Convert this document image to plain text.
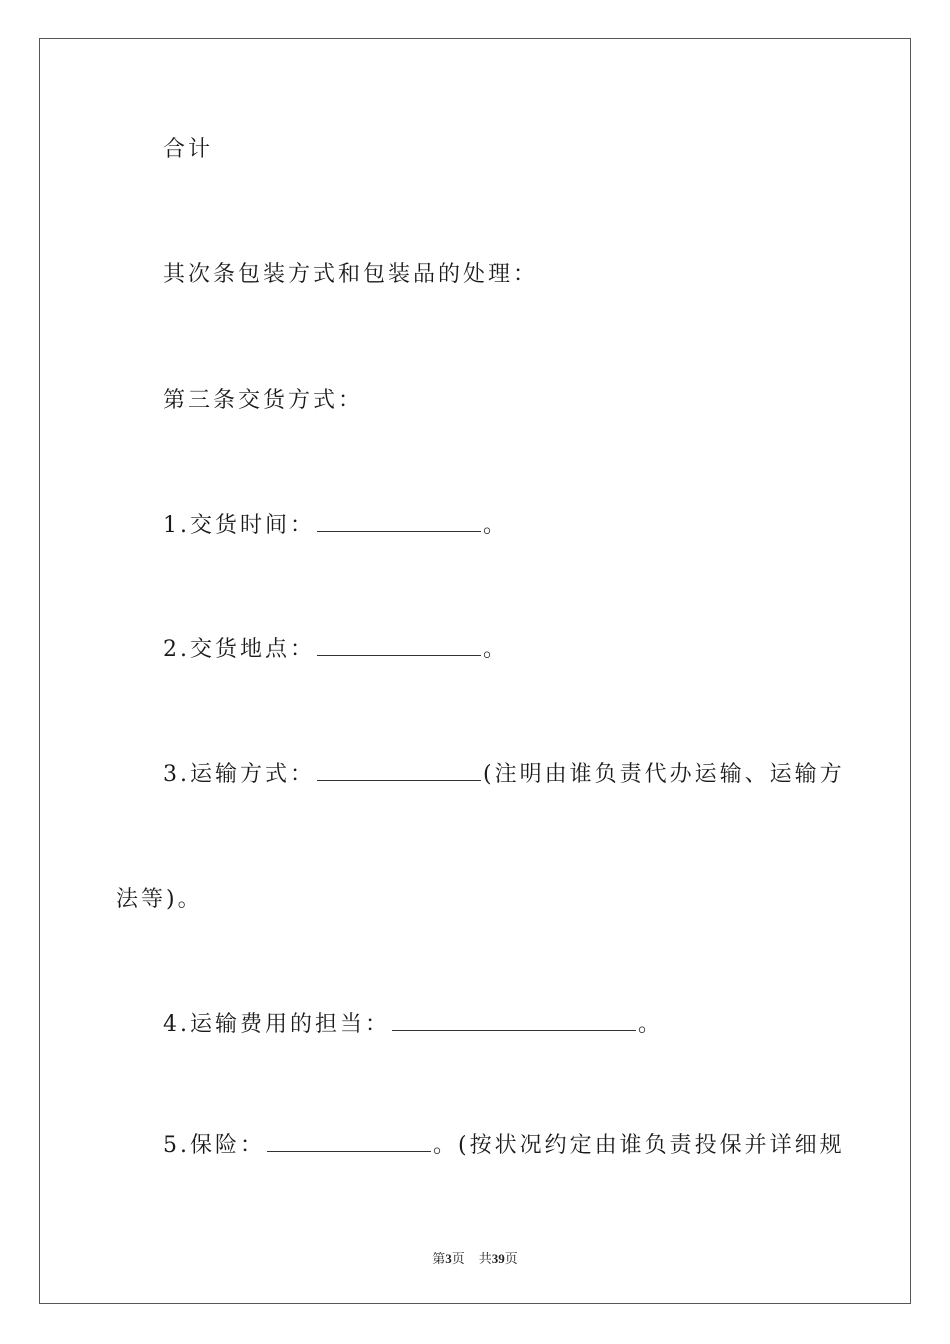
合计
其次条包装方式和包装品的处理：
第三条交货方式：
1.交货时间：	。
2.交货地点：	。
3.运输方式：	(注明由谁负责代办运输、运输方
法等)。
4.运输费用的担当：	。
5.保险：	。(按状况约定由谁负责投保并详细规
第3页 共39页
